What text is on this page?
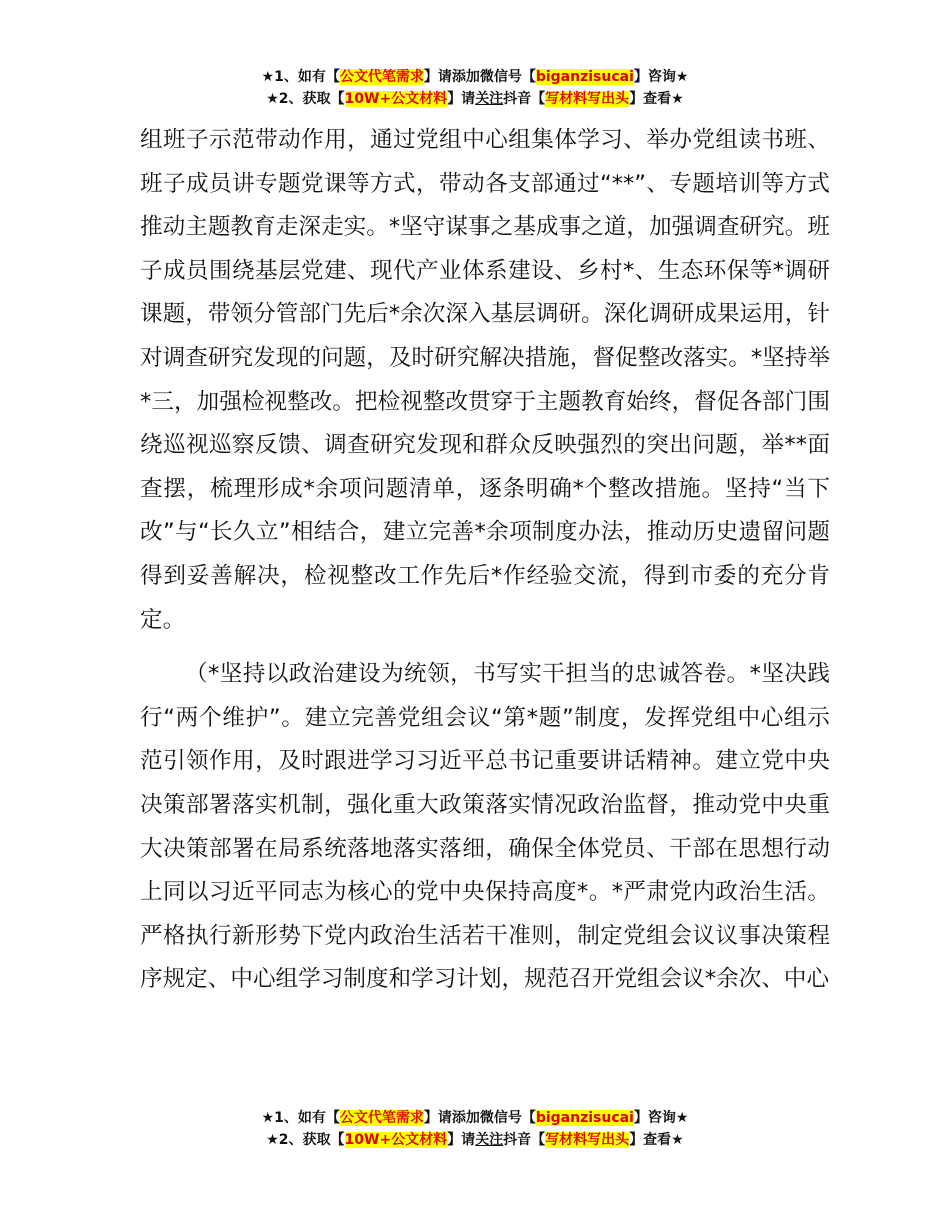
★1、如有【公文代笔需求】请添加微信号【biganzisucai】咨询★
★2、获取【10W+公文材料】请关注抖音【写材料写出头】查看★

组班子示范带动作用，通过党组中心组集体学习、举办党组读书班、班子成员讲专题党课等方式，带动各支部通过“**”、专题培训等方式推动主题教育走深走实。*坚守谋事之基成事之道，加强调查研究。班子成员围绕基层党建、现代产业体系建设、乡村*、生态环保等*调研课题，带领分管部门先后*余次深入基层调研。深化调研成果运用，针对调查研究发现的问题，及时研究解决措施，督促整改落实。*坚持举*三，加强检视整改。把检视整改贯穿于主题教育始终，督促各部门围绕巡视巡察反馈、调查研究发现和群众反映强烈的突出问题，举**面查摆，梳理形成*余项问题清单，逐条明确*个整改措施。坚持“当下改”与“长久立”相结合，建立完善*余项制度办法，推动历史遗留问题得到妥善解决，检视整改工作先后*作经验交流，得到市委的充分肯定。

（*坚持以政治建设为统领，书写实干担当的忠诚答卷。*坚决践行“两个维护”。建立完善党组会议“第*题”制度，发挥党组中心组示范引领作用，及时跟进学习习近平总书记重要讲话精神。建立党中央决策部署落实机制，强化重大政策落实情况政治监督，推动党中央重大决策部署在局系统落地落实落细，确保全体党员、干部在思想行动上同以习近平同志为核心的党中央保持高度*。*严肃党内政治生活。严格执行新形势下党内政治生活若干准则，制定党组会议议事决策程序规定、中心组学习制度和学习计划，规范召开党组会议*余次、中心

★1、如有【公文代笔需求】请添加微信号【biganzisucai】咨询★
★2、获取【10W+公文材料】请关注抖音【写材料写出头】查看★
